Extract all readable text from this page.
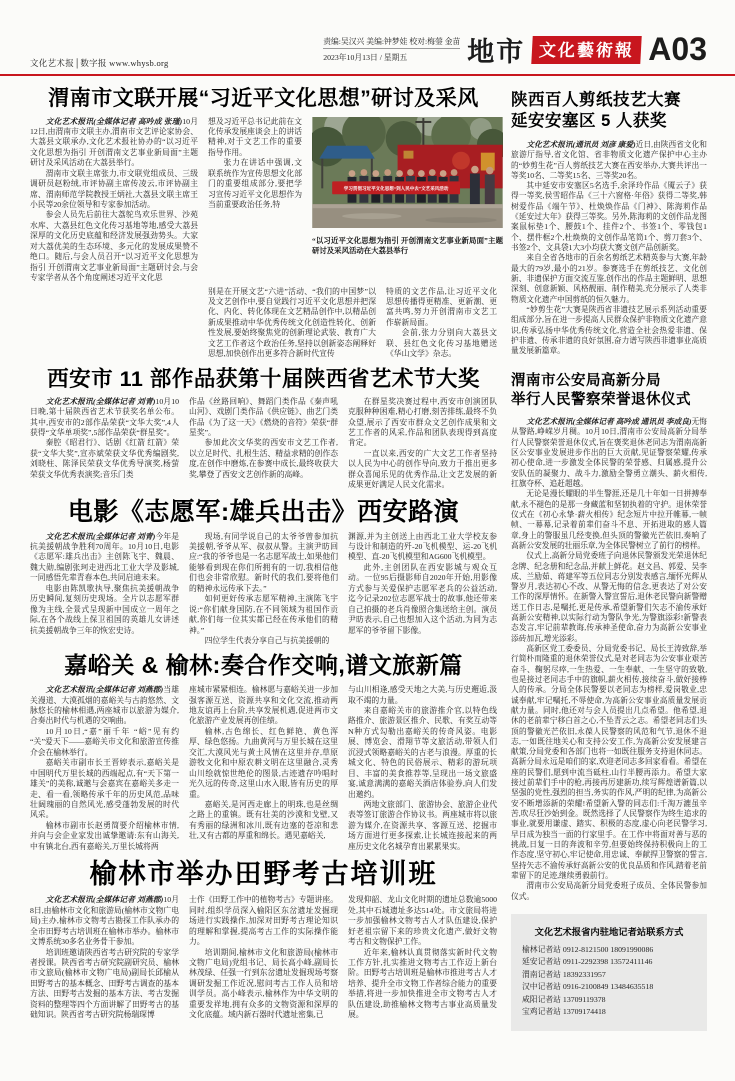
文化艺术报│数字报 www.whysb.org
责编:吴汉兴 美编:钟梦娃 校对:梅蓥 金苗
2023年10月13日 / 星期五	地市 文化藝術報 A03
渭南市文联开展“习近平文化思想”研讨及采风

文化艺术报讯(全媒体记者 高吟成 张瑾)10月12日,由渭南市文联主办,渭南市文艺评论家协会、大荔县文联承办,文化艺术报社协办的“以习近平文化思想为指引 开创渭南文艺事业新局面”主题研讨及采风活动在大荔县举行。

渭南市文联主席张力,市文联党组成员、三级调研员赵粉绒,市评协副主席传凌云,市评协副主席、渭南师范学院教授王炳社,大荔县文联主席王小民等20余位领导和专家参加活动。

参会人员先后前往大荔鸵鸟欢乐世界、沙苑水库、大荔县红色文化传习基地等地,感受大荔县深厚的文化历史底蕴和经济发展强劲势头。大家对大荔优美的生态环境、多元化的发展成果赞不绝口。随后,与会人员召开“以习近平文化思想为指引 开创渭南文艺事业新局面”主题研讨会,与会专家学者从各个角度阐述习近平文化思

想及习近平总书记此前在文化传承发展座谈会上的讲话精神,对于文艺工作的重要指导作用。

张力在讲话中强调,文联系统作为宣传思想文化部门的重要组成部分,要把学习宣传习近平文化思想作为当前重要政治任务,特

学习贯彻习近平文化思想“到人民中去”文艺采风活动

“以习近平文化思想为指引 开创渭南文艺事业新局面”主题研讨及采风活动在大荔县举行

别是在开展文艺“六进”活动、“我们的中国梦”以及文艺创作中,要自觉践行习近平文化思想并把深化、内化、转化体现在文艺精品创作中,以精品创新成果推动中华优秀传统文化创造性转化、创新性发展,要始终聚焦党的创新理论武装、教育广大文艺工作者这个政治任务,坚持以创新姿态阐释好思想,加快创作出更多符合新时代宣传

特质的文艺作品,让习近平文化思想传播得更精准、更新潮、更富共鸣,努力开创渭南市文艺工作崭新局面。

会前,张力分别向大荔县文联、县红色文化传习基地赠送《华山文学》杂志。

西安市 11 部作品获第十届陕西省艺术节大奖

文化艺术报讯(全媒体记者 刘青)10月10日晚,第十届陕西省艺术节获奖名单公布。其中,西安市的2部作品荣获“文华大奖”,4人获得“文华单项奖”,5部作品荣获“群星奖”。

秦腔《昭君行》、话剧《红箭 红箭》荣获“文华大奖”,宣亦斌荣获文华优秀编剧奖,刘晓柱、陈泽民荣获文华优秀导演奖,杨萤荣获文华优秀表演奖;音乐门类

作品《丝路回响》、舞蹈门类作品《秦声吼山河》、戏剧门类作品《供应链》、曲艺门类作品《为了这一天》《燃烧的音符》荣获“群星奖”。

参加此次文华奖的西安市文艺工作者,以立足时代、扎根生活、精益求精的创作态度,在创作中磨炼,在参赛中成长,最终收获大奖,攀登了西安文艺创作新的高峰。

在群星奖决赛过程中,西安市创演团队克服种种困难,精心打磨,刻苦排练,最终不负众望,展示了西安市群众文艺创作成果和文艺工作者的风采,作品和团队表现得到高度肯定。

一直以来,西安的广大文艺工作者坚持以人民为中心的创作导向,致力于推出更多群众喜闻乐见的优秀作品,让文艺发展的新成果更好满足人民文化需求。

电影《志愿军:雄兵出击》西安路演

文化艺术报讯(全媒体记者 刘青)今年是抗美援朝战争胜利70周年。10月10日,电影《志愿军:雄兵出击》主创陈飞宇、魏晨、魏大勋,编剧张珂走进西北工业大学及影城,一同感悟先辈青春本色,共同启迪未来。

电影由陈凯歌执导,聚焦抗美援朝战争历史瞬间,复刻历史现场。全片以志愿军群像为主线,全景式呈现新中国成立一周年之际,在各个战线上保卫祖国的英雄儿女讲述抗美援朝战争三年的恢宏史诗。

现场,有同学说自己的太爷爷曾参加抗美援朝,爷爷从军、叔叔从警。主演尹昉回应:“我的爷爷也是一名志愿军战士,如果他们能够看到现在你们所拥有的一切,我相信他们也会非常欣慰。新时代的我们,要将他们的精神永远传承下去。”

如何更好传承志愿军精神,主演陈飞宇说:“你们献身国防,在不同领域为祖国作贡献,你们每一位其实都已经在传承他们的精神。”

四位学生代表分享自己与抗美援朝的

渊源,并为主创送上由西北工业大学校友参与设计和制造的歼-20飞机模型、运-20飞机模型、直-20飞机模型和AG600飞机模型。

此外,主创团队在西安影城与观众互动。一位95后摄影师自2020年开始,用影像方式参与关爱保护志愿军老兵的公益活动,迄今记录202位志愿军战士的故事,他还带来自己拍摄的老兵肖像照合集送给主创。演员尹昉表示,自己也想加入这个活动,为同为志愿军的爷爷留下影像。

嘉峪关 & 榆林:奏合作交响,谱文旅新篇

文化艺术报讯(全媒体记者 刘燕郡)当雄关漫道、大漠孤烟的嘉峪关与古韵悠然、文脉悠长的榆林相遇,两座城市以旅游为媒介,合奏出时代与机遇的交响曲。

10月10日,“嘉”丽千年 “峪”见有约 “关”爱天下——嘉峪关市文化和旅游宣传推介会在榆林举行。

嘉峪关市副市长王晋婷表示,嘉峪关是中国明代万里长城的西端起点,有“天下第一雄关”的美称,诚邀与会嘉宾在嘉峪关多走一走、看一看,领略传承千年的历史风范,品味壮阔瑰丽的自然风光,感受蓬勃发展的时代风采。

榆林市副市长赵勇简要介绍榆林市情,并向与会企业家发出诚挚邀请:东有山海关,中有镇北台,西有嘉峪关,万里长城将两

座城市紧紧相连。榆林愿与嘉峪关进一步加强客源互送、资源共享和文化交流,推动两地友谊再上台阶,共享发展机遇,促进两市文化旅游产业发展再创佳绩。

榆林,古色绵长、红色鲜艳、黄色浑厚、绿色悠扬。九曲黄河与万里长城在这里交汇,大漠风光与黄土风情在这里并存,草原游牧文化和中原农耕文明在这里融合,灵秀山川绘就惊世绝伦的图景,古迹遗存吟唱时光久远的传奇,这里山水入眼,皆有历史的厚重。

嘉峪关,是河西走廊上的明珠,也是丝绸之路上的重镇。既有壮美的沙漠和戈壁,又有秀丽的绿洲和冰川,既有边塞的苍凉和悲壮,又有古都的厚重和绵长。遇见嘉峪关,

与山川相逢,感受天地之大美,与历史邂逅,汲取不竭的力量。

来自嘉峪关市的旅游推介官,以特色线路推介、旅游景区推介、民歌、有奖互动等N种方式勾勒出嘉峪关的传奇风姿。电影展、博览会、滑翔节等文旅活动,带领人们沉浸式领略嘉峪关的古老与浪漫。厚重的长城文化、特色的民俗展示、精彩的游玩项目、丰富的美食推荐等,呈现出一场文旅盛宴,诚意满满的嘉峪关酒店体验券,向人们发出邀约。

两地文旅部门、旅游协会、旅游企业代表等签订旅游合作协议书。两座城市将以旅游为媒介,在资源共享、客源互送、挖掘市场方面进行更多探索,让长城连接起来的两座历史文化名城孕育出累累果实。

榆林市举办田野考古培训班

文化艺术报讯(全媒体记者 刘燕郡)10月8日,由榆林市文化和旅游局(榆林市文物广电局)主办,榆林市文物考古勘探工作队承办的全市田野考古培训班在榆林市举办。榆林市文博系统30多名业务骨干参加。

培训班邀请陕西省考古研究院的专家学者授课。陕西省考古研究院副研究员、榆林市文旅局(榆林市文物广电局)副局长邱榆从田野考古的基本概念、田野考古调查的基本方法、田野考古发掘的基本方法、考古发掘资料的整理等四个方面讲解了田野考古的基础知识。陕西省考古研究院杨瑞琛博

士作《田野工作中的植物考古》专题讲座。同时,组织学员深入榆阳区东岔遗址发掘现场进行实践操作,加深对田野考古理论知识的理解和掌握,提高考古工作的实际操作能力。

培训期间,榆林市文化和旅游局(榆林市文物广电局)党组书记、局长高小峰,副局长林茂绿、任强一行到东岔遗址发掘现场考察调研发掘工作近况,慰问考古工作人员和培训学员。高小峰表示,榆林作为中华文明的重要发祥地,拥有众多的文物资源和深厚的文化底蕴。域内新石器时代遗址密集,已

发现仰韶、龙山文化时期的遗址总数逾5000处,其中石城遗址多达514处。市文旅局将进一步加强榆林文物考古人才队伍建设,保护好老祖宗留下来的珍贵文化遗产,做好文物考古和文物保护工作。

近年来,榆林认真贯彻落实新时代文物工作方针,扎实推进文物考古工作迈上新台阶。田野考古培训班是榆林市推进考古人才培养、提升全市文物工作者综合能力的重要举措,将进一步加快推进全市文物考古人才队伍建设,助推榆林文物考古事业高质量发展。

陕西百人剪纸技艺大赛
延安安塞区 5 人获奖

文化艺术报讯(通讯员 刘彦 康爱)近日,由陕西省文化和旅游厅指导,省文化馆、省非物质文化遗产保护中心主办的“妙剪生花”百人剪纸技艺大赛在西安举办,大赛共评出一等奖10名、二等奖15名、三等奖20名。

其中延安市安塞区5名选手,余泽玲作品《魇云子》获得一等奖,侯雪昭作品《三十六窗格·年俗》获得二等奖,韩树爱作品《端午节》、杜焕焕作品《门神》、陈海莉作品《延安过大年》获得三等奖。另外,陈海莉的文创作品龙图案鼠标垫1个、腰鼓1个、挂件2个、书签1个、零钱包1个、摆件框2个,杜焕焕的文创作品笔筒1个、剪刀套3个、书签2个、文具袋1大3小均获大赛文创产品创新奖。

来自全省各地市的百余名剪纸艺术精英参与大赛,年龄最大的79岁,最小的21岁。参赛选手在剪纸技艺、文化创新、非遗保护方面交流互鉴,创作出的作品主题鲜明、思想深刻、创意新颖、风格靓丽、制作精美,充分展示了人类非物质文化遗产中国剪纸的恒久魅力。

“妙剪生花”大赛是陕西省非遗技艺展示系列活动重要组成部分,旨在进一步提高人民群众保护非物质文化遗产意识,传承弘扬中华优秀传统文化,营造全社会热爱非遗、保护非遗、传承非遗的良好氛围,奋力谱写陕西非遗事业高质量发展新篇章。

渭南市公安局高新分局
举行人民警察荣誉退休仪式

文化艺术报讯(全媒体记者 高吟成 通讯员 李成良)无悔从警路,峥嵘岁月稠。10月10日,渭南市公安局高新分局举行人民警察荣誉退休仪式,旨在褒奖退休老同志为渭南高新区公安事业发展进步作出的巨大贡献,见证警察荣耀,传承初心使命,进一步激发全体民警的荣誉感、归属感,提升公安队伍的凝聚力、战斗力,激励全警勇立潮头、薪火相传,扛旗夺杯、追赶超越。

无论是漫长耀眼的半生警涯,还是几十年如一日拼搏奉献,永不褪色的是那一身藏蓝和坚韧执着的守护。退休荣誉仪式在《初心永挚·薪火相传》纪念短片中拉开帷幕,一帧帧、一幕幕,记录着前辈们奋斗不息、开拓进取的感人篇章,身上的警服虽几经变换,但头顶的警徽光芒依旧,奏响了高新公安发展的壮丽乐章,为全体民警树立了前行的榜样。

仪式上,高新分局党委班子向退休民警颁发光荣退休纪念牌、纪念册和纪念品,并献上鲜花。赵文昌、郭爱、吴李成、兰励茹、蒋建军等五位同志分别发表感言,缅怀光辉从警岁月,表达初心不改、从警无悔的信念,更表达了对公安工作的深厚情怀。在新警入警宣誓后,退休老民警向新警赠送工作日志,是嘱托,更是传承,希望新警们矢志不渝传承好高新公安精神,以实际行动为警队争光,为警旗添彩!新警表态发言,牢记前辈教诲,传承神圣使命,奋力为高新公安事业添砖加瓦,增光添彩。

高新区党工委委员、分局党委书记、局长王涛致辞,举行简朴而隆重的退休荣誉仪式,是对老同志为公安事业艰苦奋斗、鞠躬尽瘁,一生热爱、一生奉献、一生坚守的致敬,也是接过老同志手中的旗帜,薪火相传,接续奋斗,做好接棒人的传承。分局全体民警要以老同志为榜样,爱岗敬业,忠诚奉献,牢记嘱托,不辱使命,为高新公安事业高质量发展贡献力量。同时,他还对与会人员提出几点希望。他希望,退休的老前辈宁移白首之心,不坠青云之志。希望老同志们头顶的警徽光芒依旧,永葆人民警察的风范和气节,退休不退志,一如既往地关心和支持公安工作,为高新公安发展建言献策,分局党委和各部门也将一如既往服务支持退休同志。高新分局永远是咱们的家,欢迎老同志多回家看看。希望在座的民警们,愿到中流当砥柱,山行半腰再添力。希望大家接过前辈们手中的枪,再接再厉建新功,续写辉煌谱新篇,以坚强的党性,强烈的担当,务实的作风,严明的纪律,为高新公安不断增添新的荣耀!希望新入警的同志们:千淘万漉虽辛苦,吹尽狂沙始到金。既然选择了人民警察作为终生追求的事业,就要用谦虚、踏实、积极的态度,虚心向老民警学习,早日成为独当一面的行家里手。在工作中将面对善与恶的挑战,日复一日的奔波和辛劳,但要始终保持积极向上的工作态度,坚守初心,牢记使命,用忠诚、奉献捍卫警察的誓言,坚持矢志不渝传承好高新公安的优良品质和作风,踏着老前辈留下的足迹,继续勇毅前行。

渭南市公安局高新分局党委班子成员、全体民警参加仪式。

文化艺术报省内驻地记者站联系方式

榆林记者站 0912-8121500 18091990086
延安记者站 0911-2292398 13572411146
渭南记者站 18392331957
汉中记者站 0916-2100849 13484635518
咸阳记者站 13709119378
宝鸡记者站 13709174418
